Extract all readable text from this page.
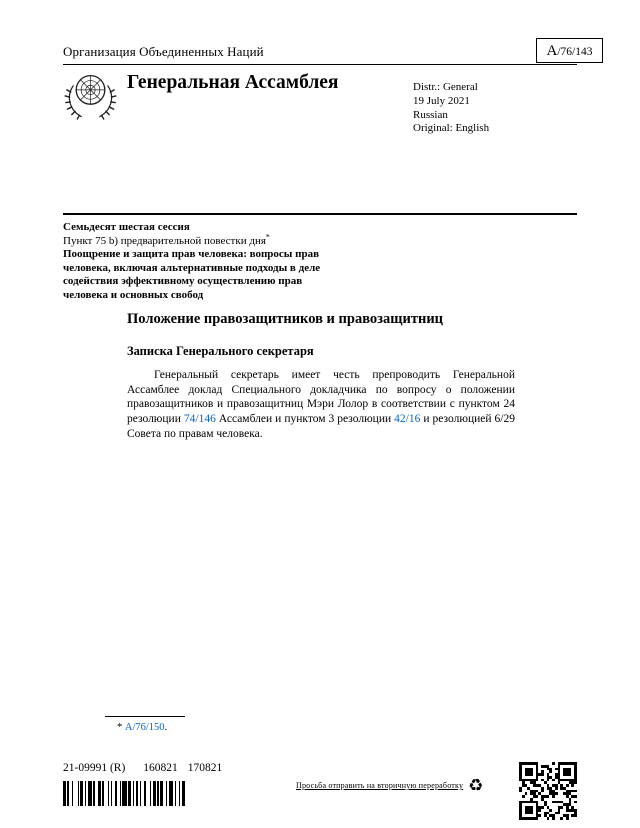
Организация Объединенных Наций	A/76/143
Генеральная Ассамблея	Distr.: General
19 July 2021
Russian
Original: English
Семьдесят шестая сессия
Пункт 75 b) предварительной повестки дня*
Поощрение и защита прав человека: вопросы прав человека, включая альтернативные подходы в деле содействия эффективному осуществлению прав человека и основных свобод
Положение правозащитников и правозащитниц
Записка Генерального секретаря
Генеральный секретарь имеет честь препроводить Генеральной Ассамблее доклад Специального докладчика по вопросу о положении правозащитников и правозащитниц Мэри Лолор в соответствии с пунктом 24 резолюции 74/146 Ассамблеи и пунктом 3 резолюции 42/16 и резолюцией 6/29 Совета по правам человека.
* A/76/150.
21-09991 (R) 160821 170821
Просьба отправить на вторичную переработку ♻
